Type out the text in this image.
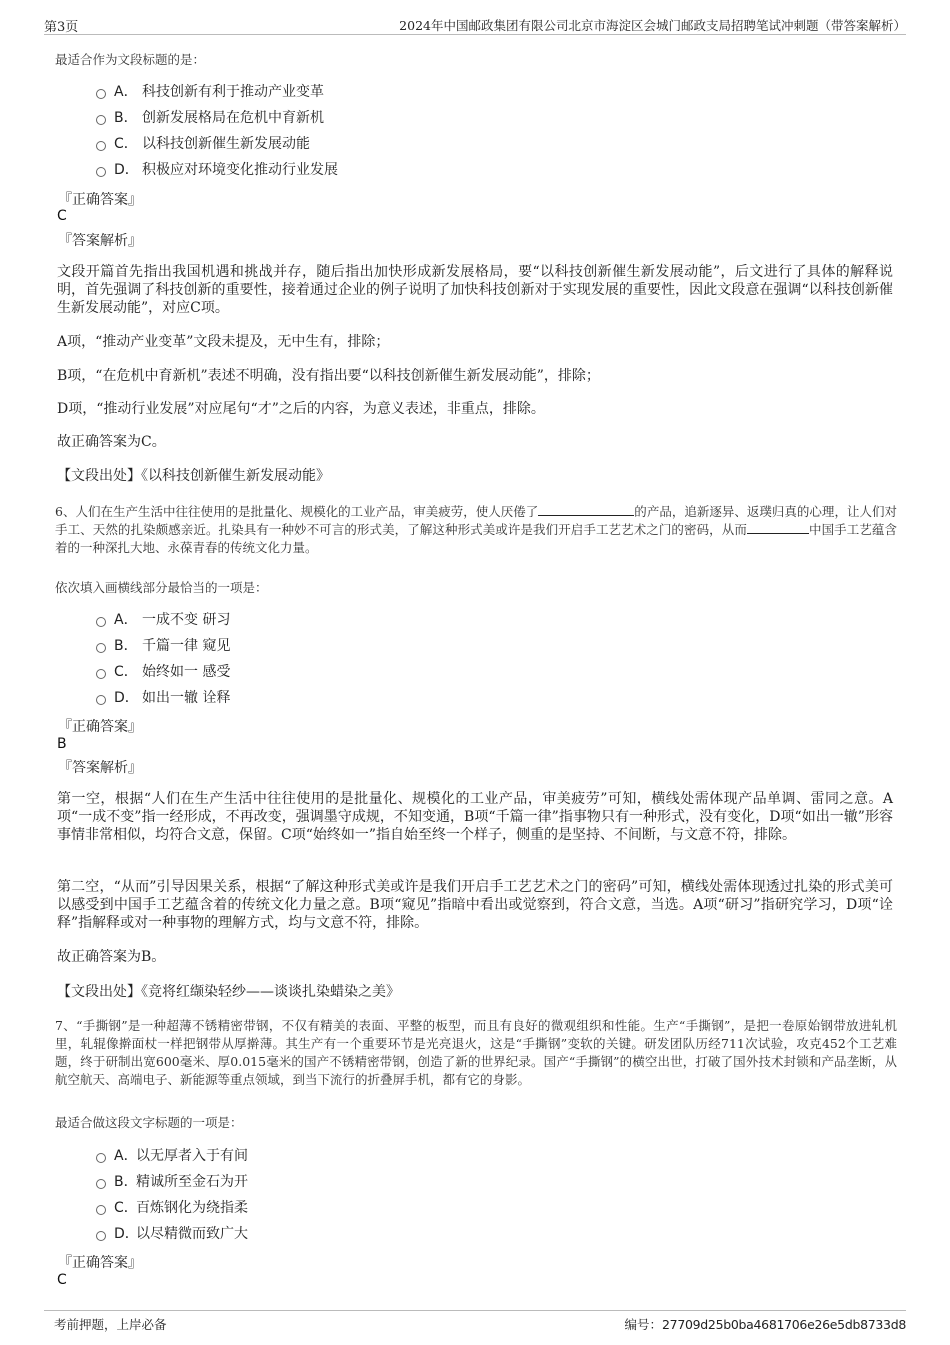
第3页	2024年中国邮政集团有限公司北京市海淀区会城门邮政支局招聘笔试冲刺题（带答案解析）
最适合作为文段标题的是：
A． 科技创新有利于推动产业变革
B． 创新发展格局在危机中育新机
C． 以科技创新催生新发展动能
D． 积极应对环境变化推动行业发展
『正确答案』
C
『答案解析』
文段开篇首先指出我国机遇和挑战并存，随后指出加快形成新发展格局，要“以科技创新催生新发展动能”，后文进行了具体的解释说明，首先强调了科技创新的重要性，接着通过企业的例子说明了加快科技创新对于实现发展的重要性，因此文段意在强调“以科技创新催生新发展动能”，对应C项。
A项，“推动产业变革”文段未提及，无中生有，排除；
B项，“在危机中育新机”表述不明确，没有指出要“以科技创新催生新发展动能”，排除；
D项，“推动行业发展”对应尾句“才”之后的内容，为意义表述，非重点，排除。
故正确答案为C。
【文段出处】《以科技创新催生新发展动能》
6、人们在生产生活中往往使用的是批量化、规模化的工业产品，审美疲劳，使人厌倦了	的产品，追新逐异、返璞归真的心理，让人们对手工、天然的扎染颇感亲近。扎染具有一种妙不可言的形式美，了解这种形式美或许是我们开启手工艺艺术之门的密码，从而	中国手工艺蕴含着的一种深扎大地、永葆青春的传统文化力量。
依次填入画横线部分最恰当的一项是：
A． 一成不变 研习
B． 千篇一律 窥见
C． 始终如一 感受
D． 如出一辙 诠释
『正确答案』
B
『答案解析』
第一空，根据“人们在生产生活中往往使用的是批量化、规模化的工业产品，审美疲劳”可知，横线处需体现产品单调、雷同之意。A项“一成不变”指一经形成，不再改变，强调墨守成规，不知变通，B项“千篇一律”指事物只有一种形式，没有变化，D项“如出一辙”形容事情非常相似，均符合文意，保留。C项“始终如一”指自始至终一个样子，侧重的是坚持、不间断，与文意不符，排除。
第二空，“从而”引导因果关系，根据“了解这种形式美或许是我们开启手工艺艺术之门的密码”可知，横线处需体现透过扎染的形式美可以感受到中国手工艺蕴含着的传统文化力量之意。B项“窥见”指暗中看出或觉察到，符合文意，当选。A项“研习”指研究学习，D项“诠释”指解释或对一种事物的理解方式，均与文意不符，排除。
故正确答案为B。
【文段出处】《竞将红缬染轻纱——谈谈扎染蜡染之美》
7、“手撕钢”是一种超薄不锈精密带钢，不仅有精美的表面、平整的板型，而且有良好的微观组织和性能。生产“手撕钢”，是把一卷原始钢带放进轧机里，轧辊像擀面杖一样把钢带从厚擀薄。其生产有一个重要环节是光亮退火，这是“手撕钢”变软的关键。研发团队历经711次试验，攻克452个工艺难题，终于研制出宽600毫米、厚0.015毫米的国产不锈精密带钢，创造了新的世界纪录。国产“手撕钢”的横空出世，打破了国外技术封锁和产品垄断，从航空航天、高端电子、新能源等重点领域，到当下流行的折叠屏手机，都有它的身影。
最适合做这段文字标题的一项是：
A．以无厚者入于有间
B．精诚所至金石为开
C．百炼钢化为绕指柔
D．以尽精微而致广大
『正确答案』
C
考前押题，上岸必备	编号：27709d25b0ba4681706e26e5db8733d8
